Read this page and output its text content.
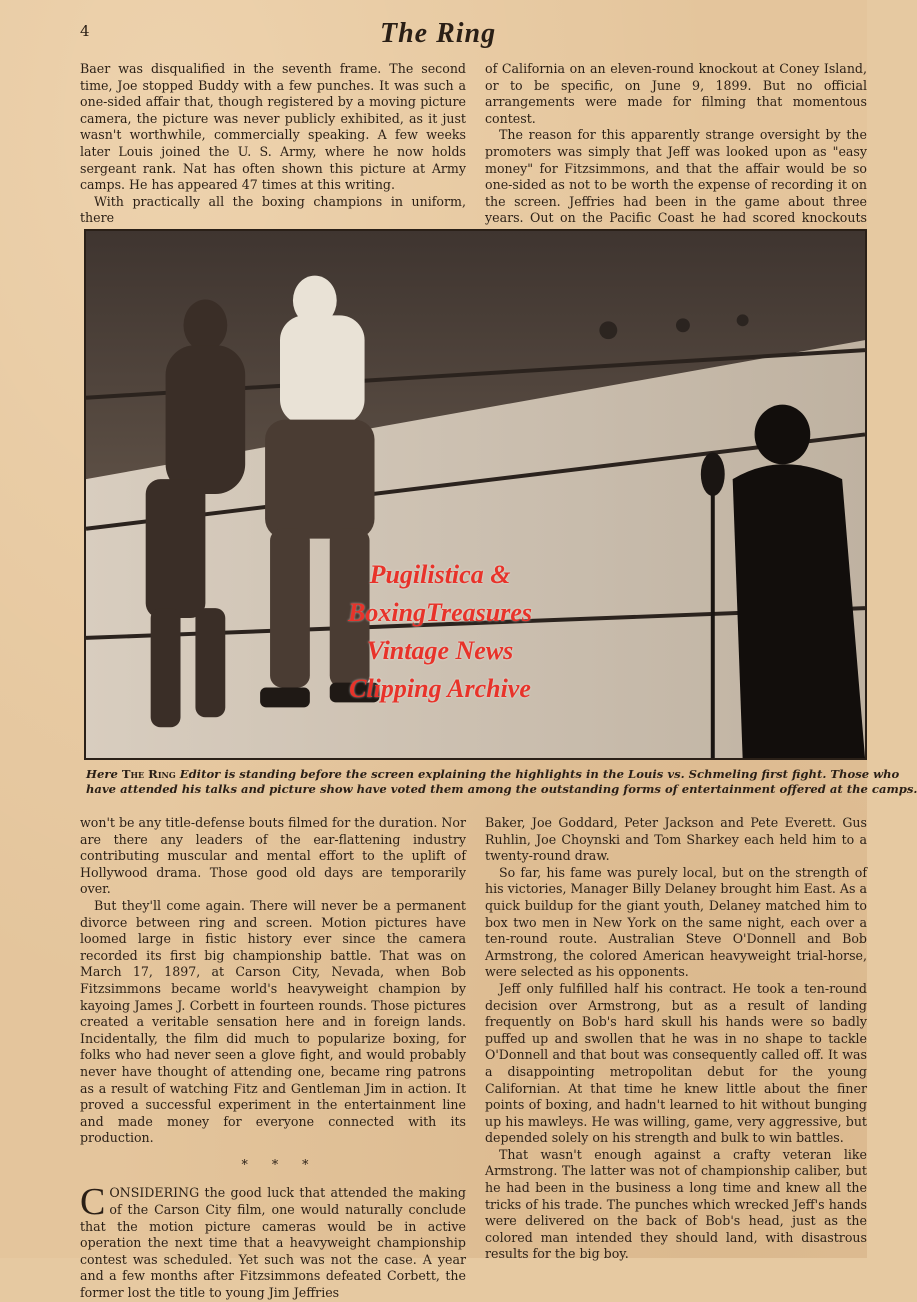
4	The Ring

Baer was disqualified in the seventh frame. The second time, Joe stopped Buddy with a few punches. It was such a one-sided affair that, though registered by a moving picture camera, the picture was never publicly exhibited, as it just wasn't worthwhile, commercially speaking. A few weeks later Louis joined the U. S. Army, where he now holds sergeant rank. Nat has often shown this picture at Army camps. He has appeared 47 times at this writing.

With practically all the boxing champions in uniform, there

of California on an eleven-round knockout at Coney Island, or to be specific, on June 9, 1899. But no official arrangements were made for filming that momentous contest.

The reason for this apparently strange oversight by the promoters was simply that Jeff was looked upon as "easy money" for Fitzsimmons, and that the affair would be so one-sided as not to be worth the expense of recording it on the screen. Jeffries had been in the game about three years. Out on the Pacific Coast he had scored knockouts

Pugilistica &
BoxingTreasures
Vintage News
Clipping Archive
Here The Ring Editor is standing before the screen explaining the highlights in the Louis vs. Schmeling first fight. Those who
have attended his talks and picture show have voted them among the outstanding forms of entertainment offered at the camps.

won't be any title-defense bouts filmed for the duration. Nor are there any leaders of the ear-flattening industry contributing muscular and mental effort to the uplift of Hollywood drama. Those good old days are temporarily over.

But they'll come again. There will never be a permanent divorce between ring and screen. Motion pictures have loomed large in fistic history ever since the camera recorded its first big championship battle. That was on March 17, 1897, at Carson City, Nevada, when Bob Fitzsimmons became world's heavyweight champion by kayoing James J. Corbett in fourteen rounds. Those pictures created a veritable sensation here and in foreign lands. Incidentally, the film did much to popularize boxing, for folks who had never seen a glove fight, and would probably never have thought of attending one, became ring patrons as a result of watching Fitz and Gentleman Jim in action. It proved a successful experiment in the entertainment line and made money for everyone connected with its production.

* * *

CONSIDERING the good luck that attended the making of the Carson City film, one would naturally conclude that the motion picture cameras would be in active operation the next time that a heavyweight championship contest was scheduled. Yet such was not the case. A year and a few months after Fitzsimmons defeated Corbett, the former lost the title to young Jim Jeffries

Baker, Joe Goddard, Peter Jackson and Pete Everett. Gus Ruhlin, Joe Choynski and Tom Sharkey each held him to a twenty-round draw.

So far, his fame was purely local, but on the strength of his victories, Manager Billy Delaney brought him East. As a quick buildup for the giant youth, Delaney matched him to box two men in New York on the same night, each over a ten-round route. Australian Steve O'Donnell and Bob Armstrong, the colored American heavyweight trial-horse, were selected as his opponents.

Jeff only fulfilled half his contract. He took a ten-round decision over Armstrong, but as a result of landing frequently on Bob's hard skull his hands were so badly puffed up and swollen that he was in no shape to tackle O'Donnell and that bout was consequently called off. It was a disappointing metropolitan debut for the young Californian. At that time he knew little about the finer points of boxing, and hadn't learned to hit without bunging up his mawleys. He was willing, game, very aggressive, but depended solely on his strength and bulk to win battles.

That wasn't enough against a crafty veteran like Armstrong. The latter was not of championship caliber, but he had been in the business a long time and knew all the tricks of his trade. The punches which wrecked Jeff's hands were delivered on the back of Bob's head, just as the colored man intended they should land, with disastrous results for the big boy.
